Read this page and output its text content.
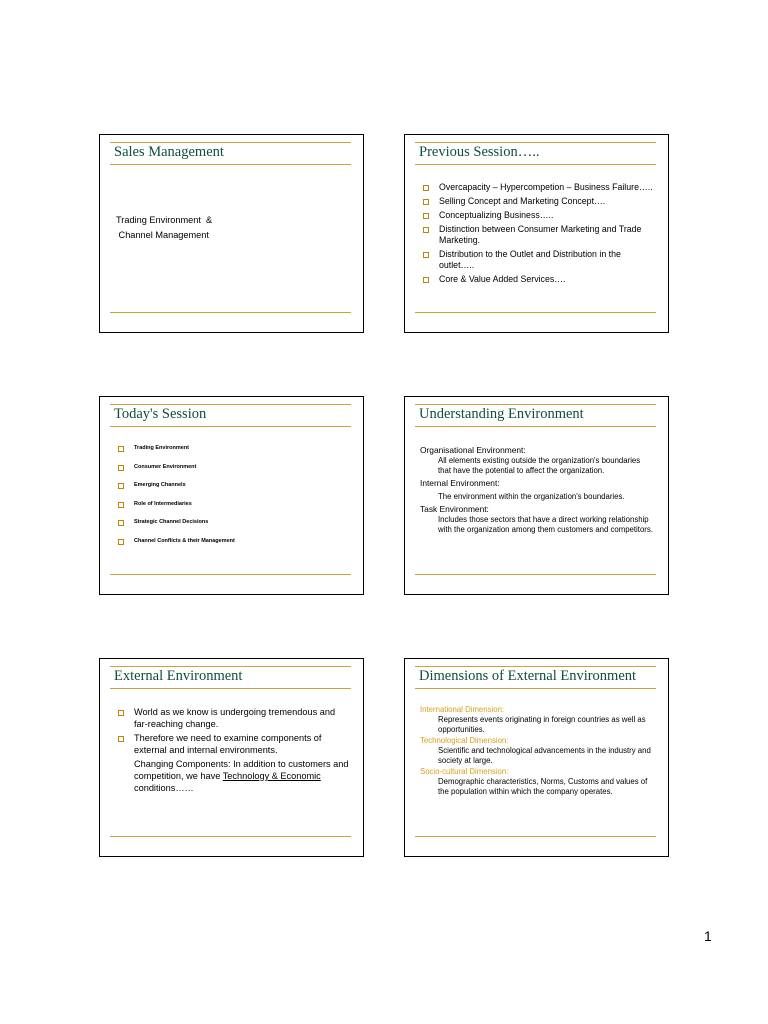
Sales Management
Trading Environment  &
Channel Management
Previous Session…..
Overcapacity – Hypercompetion – Business Failure…..
Selling Concept and Marketing Concept….
Conceptualizing Business…..
Distinction between Consumer Marketing and Trade Marketing.
Distribution to the Outlet and Distribution in the outlet…..
Core & Value Added Services….
Today's Session
Trading Environment
Consumer Environment
Emerging Channels
Role of Intermediaries
Strategic Channel Decisions
Channel Conflicts & their Management
Understanding Environment
Organisational Environment:
All elements existing outside the organization's boundaries that have the potential to affect the organization.
Internal Environment:
The environment within the organization's boundaries.
Task Environment:
Includes those sectors that have a direct working relationship with the organization among them customers and competitors.
External Environment
World as we know is undergoing tremendous and far-reaching change.
Therefore we need to examine components of external and internal environments.
Changing Components: In addition to customers and competition, we have Technology & Economic conditions……
Dimensions of External Environment
International Dimension:
Represents events originating in foreign countries as well as opportunities.
Technological Dimension:
Scientific and technological advancements in the industry and society at large.
Socio-cultural Dimension:
Demographic characteristics, Norms, Customs and values of the population within which the company operates.
1
